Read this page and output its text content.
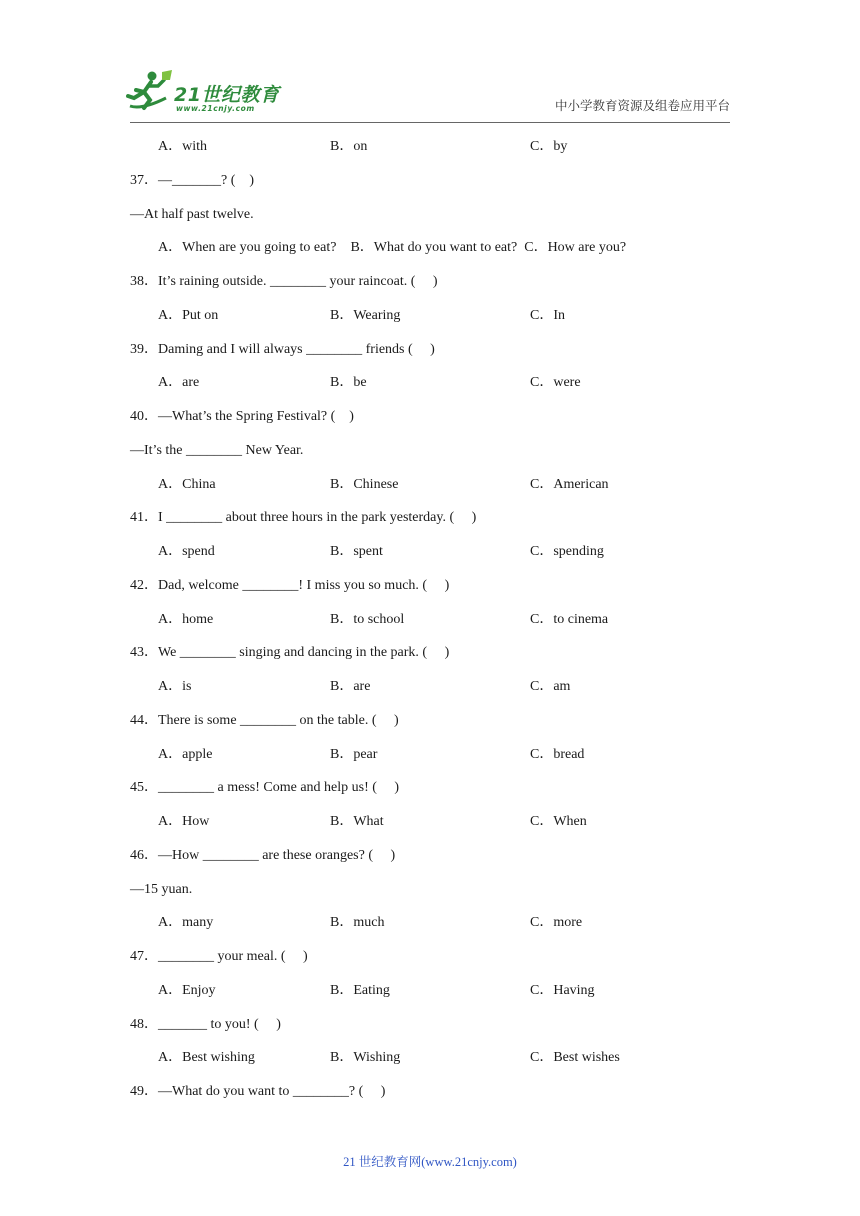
21世纪教育
www.21cnjy.com	中小学教育资源及组卷应用平台
A．with	B．on	C．by
37．—_______? (    )
—At half past twelve.
A．When are you going to eat?    B．What do you want to eat?  C．How are you?
38．It’s raining outside. ________ your raincoat. (     )
A．Put on	B．Wearing	C．In
39．Daming and I will always ________ friends (     )
A．are	B．be	C．were
40．—What’s the Spring Festival? (    )
—It’s the ________ New Year.
A．China	B．Chinese	C．American
41．I ________ about three hours in the park yesterday. (     )
A．spend	B．spent	C．spending
42．Dad, welcome ________! I miss you so much. (     )
A．home	B．to school	C．to cinema
43．We ________ singing and dancing in the park. (     )
A．is	B．are	C．am
44．There is some ________ on the table. (     )
A．apple	B．pear	C．bread
45．________ a mess! Come and help us! (     )
A．How	B．What	C．When
46．—How ________ are these oranges? (     )
—15 yuan.
A．many	B．much	C．more
47．________ your meal. (     )
A．Enjoy	B．Eating	C．Having
48．_______ to you! (     )
A．Best wishing	B．Wishing	C．Best wishes
49．—What do you want to ________? (     )
21 世纪教育网(www.21cnjy.com)
